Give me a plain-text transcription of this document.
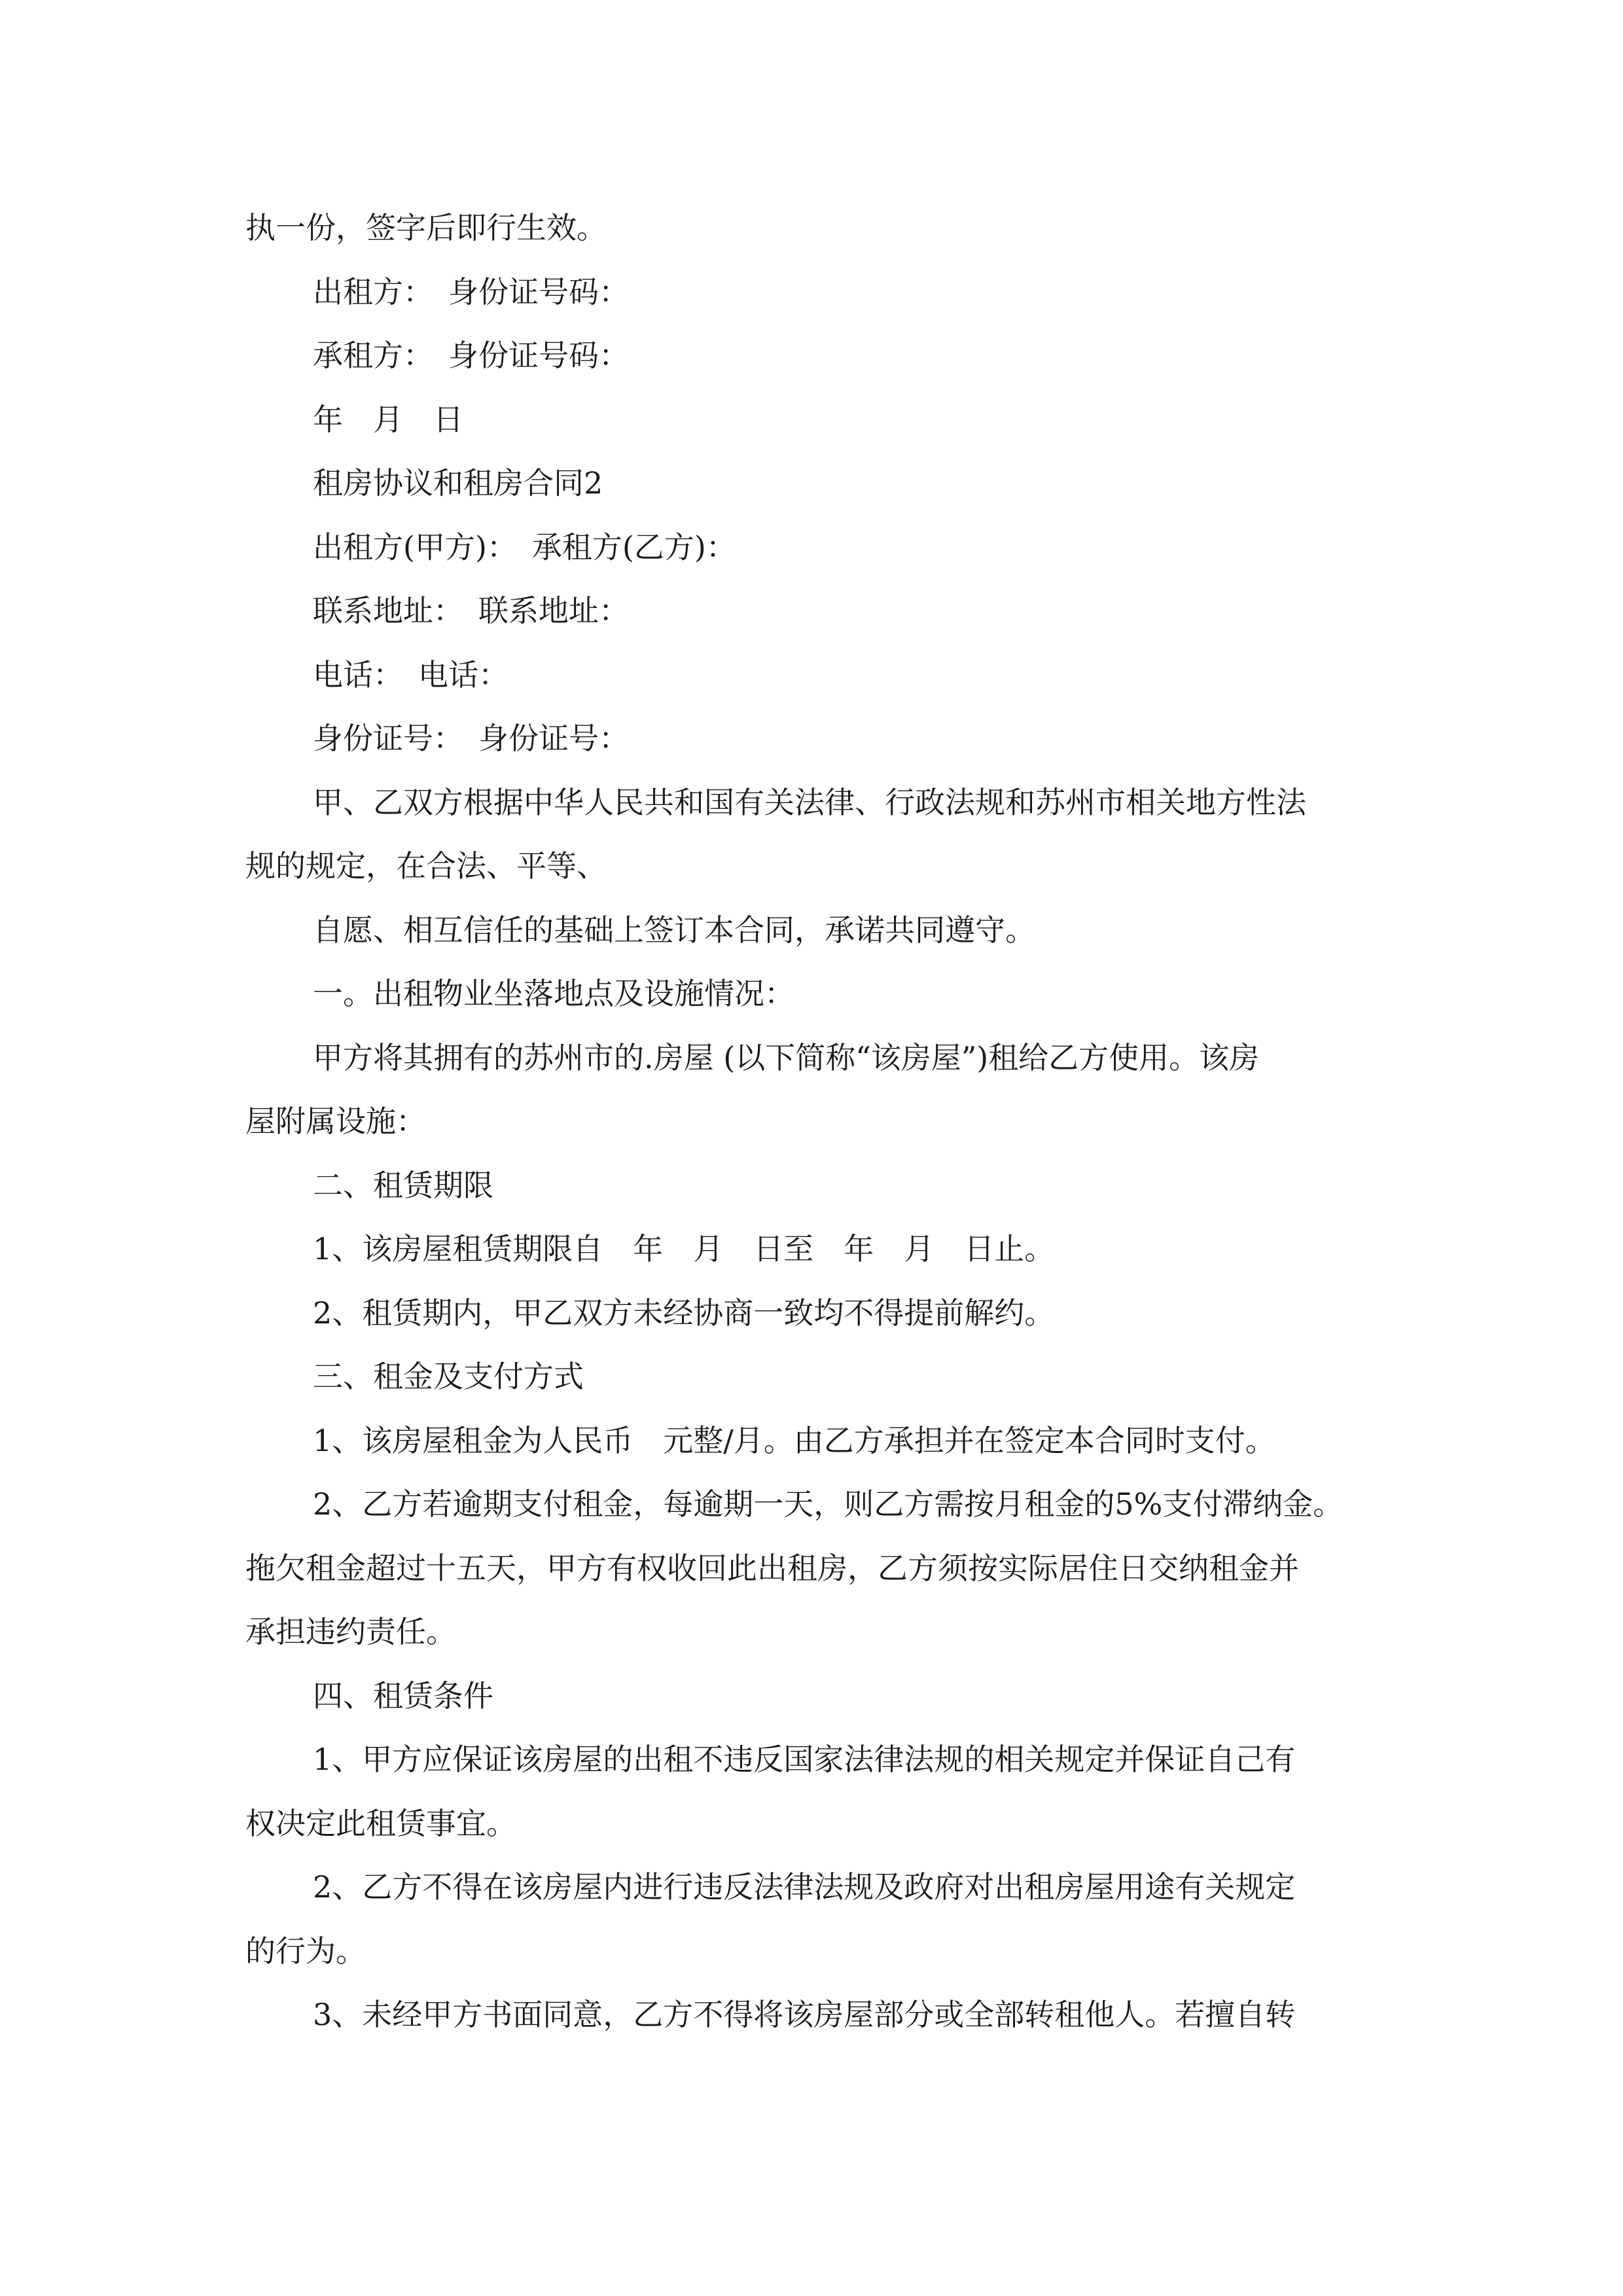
执一份，签字后即行生效。
出租方：　身份证号码：
承租方：　身份证号码：
年　月　日
租房协议和租房合同2
出租方(甲方)：　承租方(乙方)：
联系地址：　联系地址：
电话：　电话：
身份证号：　身份证号：
甲、乙双方根据中华人民共和国有关法律、行政法规和苏州市相关地方性法
规的规定，在合法、平等、
自愿、相互信任的基础上签订本合同，承诺共同遵守。
一。出租物业坐落地点及设施情况：
甲方将其拥有的苏州市的.房屋 (以下简称“该房屋”)租给乙方使用。该房
屋附属设施：
二、租赁期限
1、该房屋租赁期限自　年　月　日至　年　月　日止。
2、租赁期内，甲乙双方未经协商一致均不得提前解约。
三、租金及支付方式
1、该房屋租金为人民币　元整/月。由乙方承担并在签定本合同时支付。
2、乙方若逾期支付租金，每逾期一天，则乙方需按月租金的5%支付滞纳金。
拖欠租金超过十五天，甲方有权收回此出租房，乙方须按实际居住日交纳租金并
承担违约责任。
四、租赁条件
1、甲方应保证该房屋的出租不违反国家法律法规的相关规定并保证自己有
权决定此租赁事宜。
2、乙方不得在该房屋内进行违反法律法规及政府对出租房屋用途有关规定
的行为。
3、未经甲方书面同意，乙方不得将该房屋部分或全部转租他人。若擅自转
